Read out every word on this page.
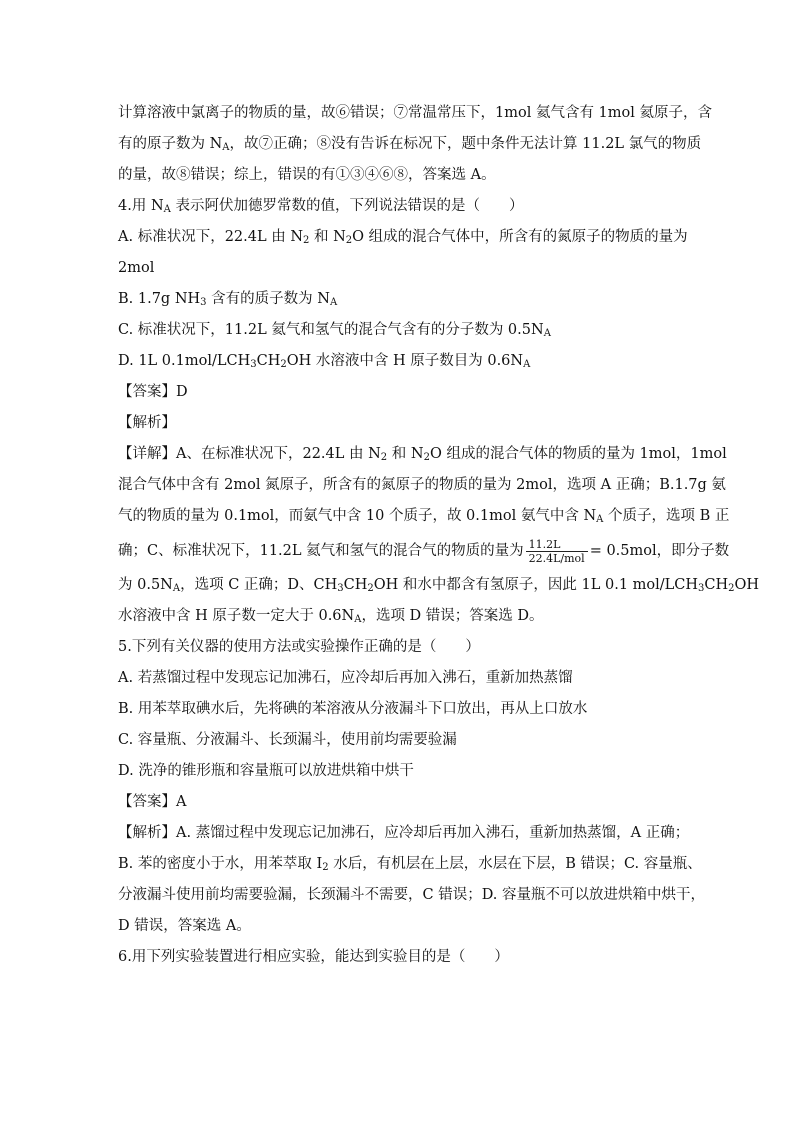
计算溶液中氯离子的物质的量，故⑥错误；⑦常温常压下，1mol 氦气含有 1mol 氦原子，含
有的原子数为 $N_A$，故⑦正确；⑧没有告诉在标况下，题中条件无法计算 11.2L 氯气的物质
的量，故⑧错误；综上，错误的有①③④⑥⑧，答案选 A。
4.用 $N_A$ 表示阿伏加德罗常数的值，下列说法错误的是（　　）
A. 标准状况下，22.4L 由 $N_2$ 和 $N_2O$ 组成的混合气体中，所含有的氮原子的物质的量为
2mol
B. 1.7g $NH_3$ 含有的质子数为 $N_A$
C. 标准状况下，11.2L 氦气和氢气的混合气含有的分子数为 $0.5N_A$
D. 1L $0.1mol/LCH_3CH_2OH$ 水溶液中含 H 原子数目为 $0.6N_A$
【答案】D
【解析】
【详解】A、在标准状况下，22.4L 由 $N_2$ 和 $N_2O$ 组成的混合气体的物质的量为 1mol，1mol
混合气体中含有 2mol 氮原子，所含有的氮原子的物质的量为 2mol，选项 A 正确；B.1.7g 氨
气的物质的量为 0.1mol，而氨气中含 10 个质子，故 0.1mol 氨气中含 $N_A$ 个质子，选项 B 正
确；C、标准状况下，11.2L 氦气和氢气的混合气的物质的量为 $\frac{11.2L}{\text{22.4L/mol}} = 0.5mol$，即分子数
为 $0.5N_A$，选项 C 正确；D、$CH_3CH_2OH$ 和水中都含有氢原子，因此 1L 0.1 mol/$LCH_3CH_2OH$
水溶液中含 H 原子数一定大于 $0.6N_A$，选项 D 错误；答案选 D。
5.下列有关仪器的使用方法或实验操作正确的是（　　）
A. 若蒸馏过程中发现忘记加沸石，应冷却后再加入沸石，重新加热蒸馏
B. 用苯萃取碘水后，先将碘的苯溶液从分液漏斗下口放出，再从上口放水
C. 容量瓶、分液漏斗、长颈漏斗，使用前均需要验漏
D. 洗净的锥形瓶和容量瓶可以放进烘箱中烘干
【答案】A
【解析】A. 蒸馏过程中发现忘记加沸石，应冷却后再加入沸石，重新加热蒸馏，A 正确；
B. 苯的密度小于水，用苯萃取 $I_2$ 水后，有机层在上层，水层在下层，B 错误；C. 容量瓶、
分液漏斗使用前均需要验漏，长颈漏斗不需要，C 错误；D. 容量瓶不可以放进烘箱中烘干，
D 错误，答案选 A。
6.用下列实验装置进行相应实验，能达到实验目的是（　　）
